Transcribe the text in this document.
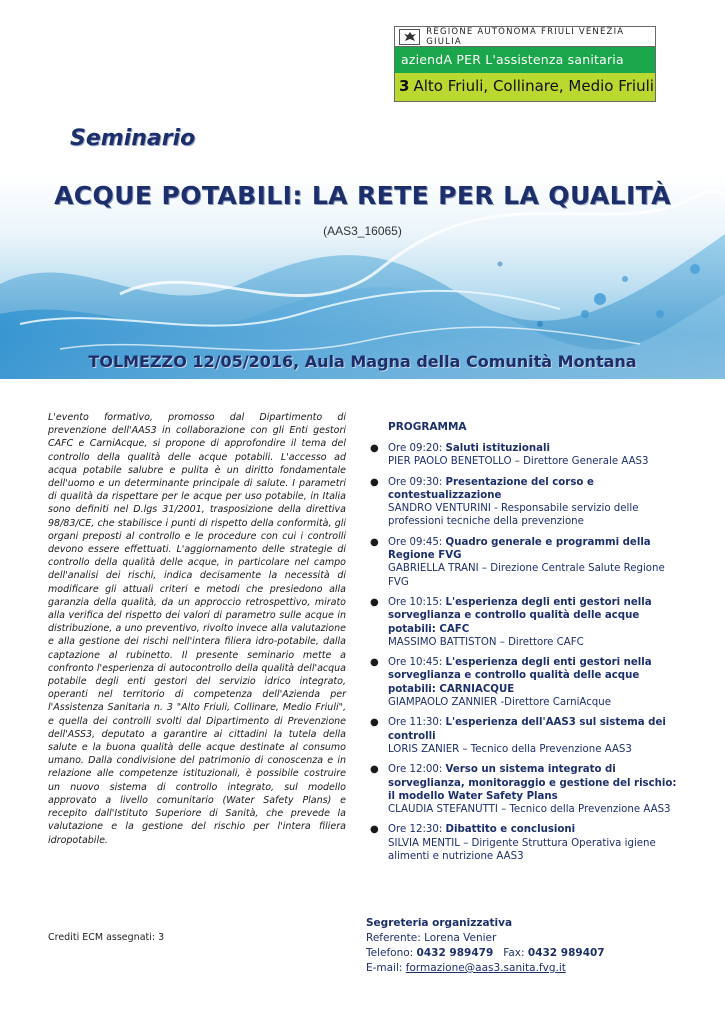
REGIONE AUTONOMA FRIULI VENEZIA GIULIA
aziendA PER L'assistenza sanitaria
3 Alto Friuli, Collinare, Medio Friuli
Seminario
ACQUE POTABILI: LA RETE PER LA QUALITÀ
(AAS3_16065)
TOLMEZZO 12/05/2016, Aula Magna della Comunità Montana

L'evento formativo, promosso dal Dipartimento di prevenzione dell'AAS3 in collaborazione con gli Enti gestori CAFC e CarniAcque, si propone di approfondire il tema del controllo della qualità delle acque potabili. L'accesso ad acqua potabile salubre e pulita è un diritto fondamentale dell'uomo e un determinante principale di salute. I parametri di qualità da rispettare per le acque per uso potabile, in Italia sono definiti nel D.lgs 31/2001, trasposizione della direttiva 98/83/CE, che stabilisce i punti di rispetto della conformità, gli organi preposti al controllo e le procedure con cui i controlli devono essere effettuati. L'aggiornamento delle strategie di controllo della qualità delle acque, in particolare nel campo dell'analisi dei rischi, indica decisamente la necessità di modificare gli attuali criteri e metodi che presiedono alla garanzia della qualità, da un approccio retrospettivo, mirato alla verifica del rispetto dei valori di parametro sulle acque in distribuzione, a uno preventivo, rivolto invece alla valutazione e alla gestione dei rischi nell'intera filiera idro-potabile, dalla captazione al rubinetto. Il presente seminario mette a confronto l'esperienza di autocontrollo della qualità dell'acqua potabile degli enti gestori del servizio idrico integrato, operanti nel territorio di competenza dell'Azienda per l'Assistenza Sanitaria n. 3 "Alto Friuli, Collinare, Medio Friuli", e quella dei controlli svolti dal Dipartimento di Prevenzione dell'ASS3, deputato a garantire ai cittadini la tutela della salute e la buona qualità delle acque destinate al consumo umano. Dalla condivisione del patrimonio di conoscenza e in relazione alle competenze istituzionali, è possibile costruire un nuovo sistema di controllo integrato, sul modello approvato a livello comunitario (Water Safety Plans) e recepito dall'Istituto Superiore di Sanità, che prevede la valutazione e la gestione del rischio per l'intera filiera idropotabile.

Crediti ECM assegnati: 3
PROGRAMMA
● Ore 09:20: Saluti istituzionali
PIER PAOLO BENETOLLO – Direttore Generale AAS3
● Ore 09:30: Presentazione del corso e contestualizzazione
SANDRO VENTURINI - Responsabile servizio delle professioni tecniche della prevenzione
● Ore 09:45: Quadro generale e programmi della Regione FVG
GABRIELLA TRANI – Direzione Centrale Salute Regione FVG
● Ore 10:15: L'esperienza degli enti gestori nella sorveglianza e controllo qualità delle acque potabili: CAFC
MASSIMO BATTISTON – Direttore CAFC
● Ore 10:45: L'esperienza degli enti gestori nella sorveglianza e controllo qualità delle acque potabili: CARNIACQUE
GIAMPAOLO ZANNIER -Direttore CarniAcque
● Ore 11:30: L'esperienza dell'AAS3 sul sistema dei controlli
LORIS ZANIER – Tecnico della Prevenzione AAS3
● Ore 12:00: Verso un sistema integrato di sorveglianza, monitoraggio e gestione del rischio: il modello Water Safety Plans
CLAUDIA STEFANUTTI – Tecnico della Prevenzione AAS3
● Ore 12:30: Dibattito e conclusioni
SILVIA MENTIL – Dirigente Struttura Operativa igiene alimenti e nutrizione AAS3
Segreteria organizzativa
Referente: Lorena Venier
Telefono: 0432 989479   Fax: 0432 989407
E-mail: formazione@aas3.sanita.fvg.it
